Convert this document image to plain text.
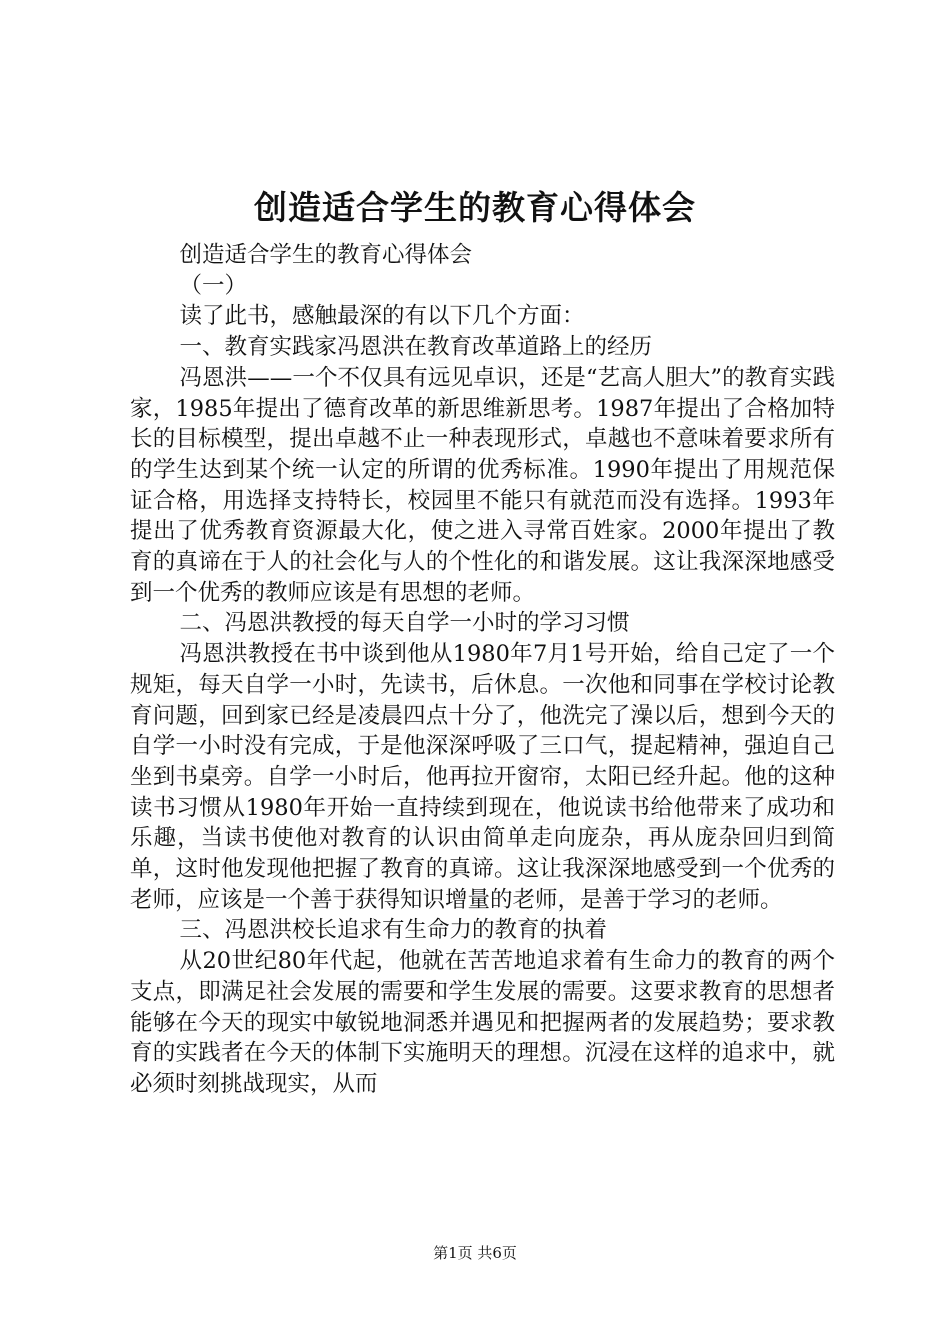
创造适合学生的教育心得体会

创造适合学生的教育心得体会

（一）

读了此书，感触最深的有以下几个方面：

一、教育实践家冯恩洪在教育改革道路上的经历

冯恩洪——一个不仅具有远见卓识，还是“艺高人胆大”的教育实践家，1985年提出了德育改革的新思维新思考。1987年提出了合格加特长的目标模型，提出卓越不止一种表现形式，卓越也不意味着要求所有的学生达到某个统一认定的所谓的优秀标准。1990年提出了用规范保证合格，用选择支持特长，校园里不能只有就范而没有选择。1993年提出了优秀教育资源最大化，使之进入寻常百姓家。2000年提出了教育的真谛在于人的社会化与人的个性化的和谐发展。这让我深深地感受到一个优秀的教师应该是有思想的老师。

二、冯恩洪教授的每天自学一小时的学习习惯

冯恩洪教授在书中谈到他从1980年7月1号开始，给自己定了一个规矩，每天自学一小时，先读书，后休息。一次他和同事在学校讨论教育问题，回到家已经是凌晨四点十分了，他洗完了澡以后，想到今天的自学一小时没有完成，于是他深深呼吸了三口气，提起精神，强迫自己坐到书桌旁。自学一小时后，他再拉开窗帘，太阳已经升起。他的这种读书习惯从1980年开始一直持续到现在，他说读书给他带来了成功和乐趣，当读书使他对教育的认识由简单走向庞杂，再从庞杂回归到简单，这时他发现他把握了教育的真谛。这让我深深地感受到一个优秀的老师，应该是一个善于获得知识增量的老师，是善于学习的老师。

三、冯恩洪校长追求有生命力的教育的执着

从20世纪80年代起，他就在苦苦地追求着有生命力的教育的两个支点，即满足社会发展的需要和学生发展的需要。这要求教育的思想者能够在今天的现实中敏锐地洞悉并遇见和把握两者的发展趋势；要求教育的实践者在今天的体制下实施明天的理想。沉浸在这样的追求中，就必须时刻挑战现实，从而

第1页 共6页
